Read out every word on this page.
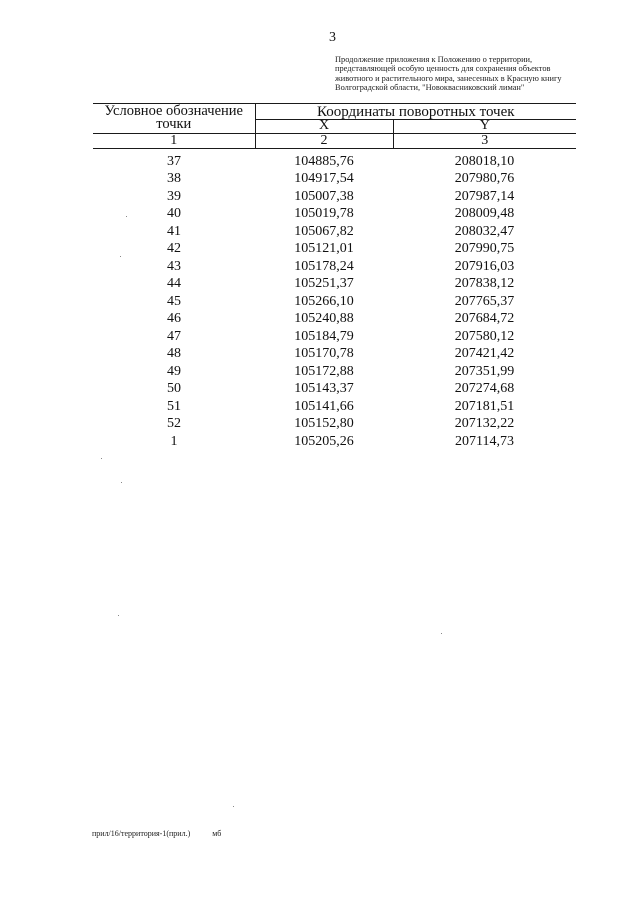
3
Продолжение приложения к Положению о территории,
представляющей особую ценность для сохранения объектов
животного и растительного мира, занесенных в Красную книгу
Волгоградской области, "Новокваcниковский лиман"
Условное обозначение
точки	Координаты поворотных точек	
	X	Y
1	2	3
37	104885,76	208018,10
38	104917,54	207980,76
39	105007,38	207987,14
40	105019,78	208009,48
41	105067,82	208032,47
42	105121,01	207990,75
43	105178,24	207916,03
44	105251,37	207838,12
45	105266,10	207765,37
46	105240,88	207684,72
47	105184,79	207580,12
48	105170,78	207421,42
49	105172,88	207351,99
50	105143,37	207274,68
51	105141,66	207181,51
52	105152,80	207132,22
1	105205,26	207114,73
прил/16/территория-1(прил.)	мб
